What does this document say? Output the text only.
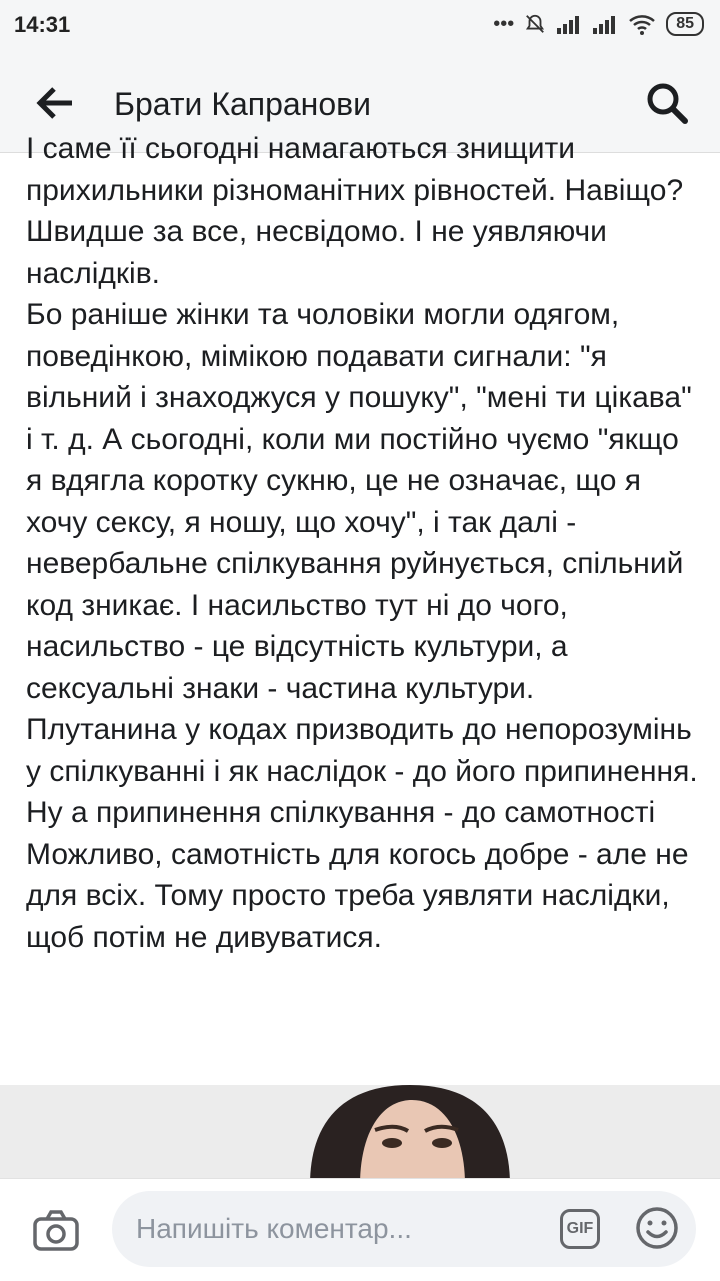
14:31	•••	85
Брати Капранови

І саме її сьогодні намагаються знищити прихильники різноманітних рівностей. Навіщо?

Швидше за все, несвідомо. І не уявляючи наслідків.

Бо раніше жінки та чоловіки могли одягом, поведінкою, мімікою подавати сигнали: "я вільний і знаходжуся у пошуку", "мені ти цікава" і т. д. А сьогодні, коли ми постійно чуємо "якщо я вдягла коротку сукню, це не означає, що я хочу сексу, я ношу, що хочу", і так далі - невербальне спілкування руйнується, спільний код зникає. І насильство тут ні до чого, насильство - це відсутність культури, а сексуальні знаки - частина культури.

Плутанина у кодах призводить до непорозумінь у спілкуванні і як наслідок - до його припинення. Ну а припинення спілкування - до самотності

Можливо, самотність для когось добре - але не для всіх. Тому просто треба уявляти наслідки, щоб потім не дивуватися.

Напишіть коментар...	GIF
